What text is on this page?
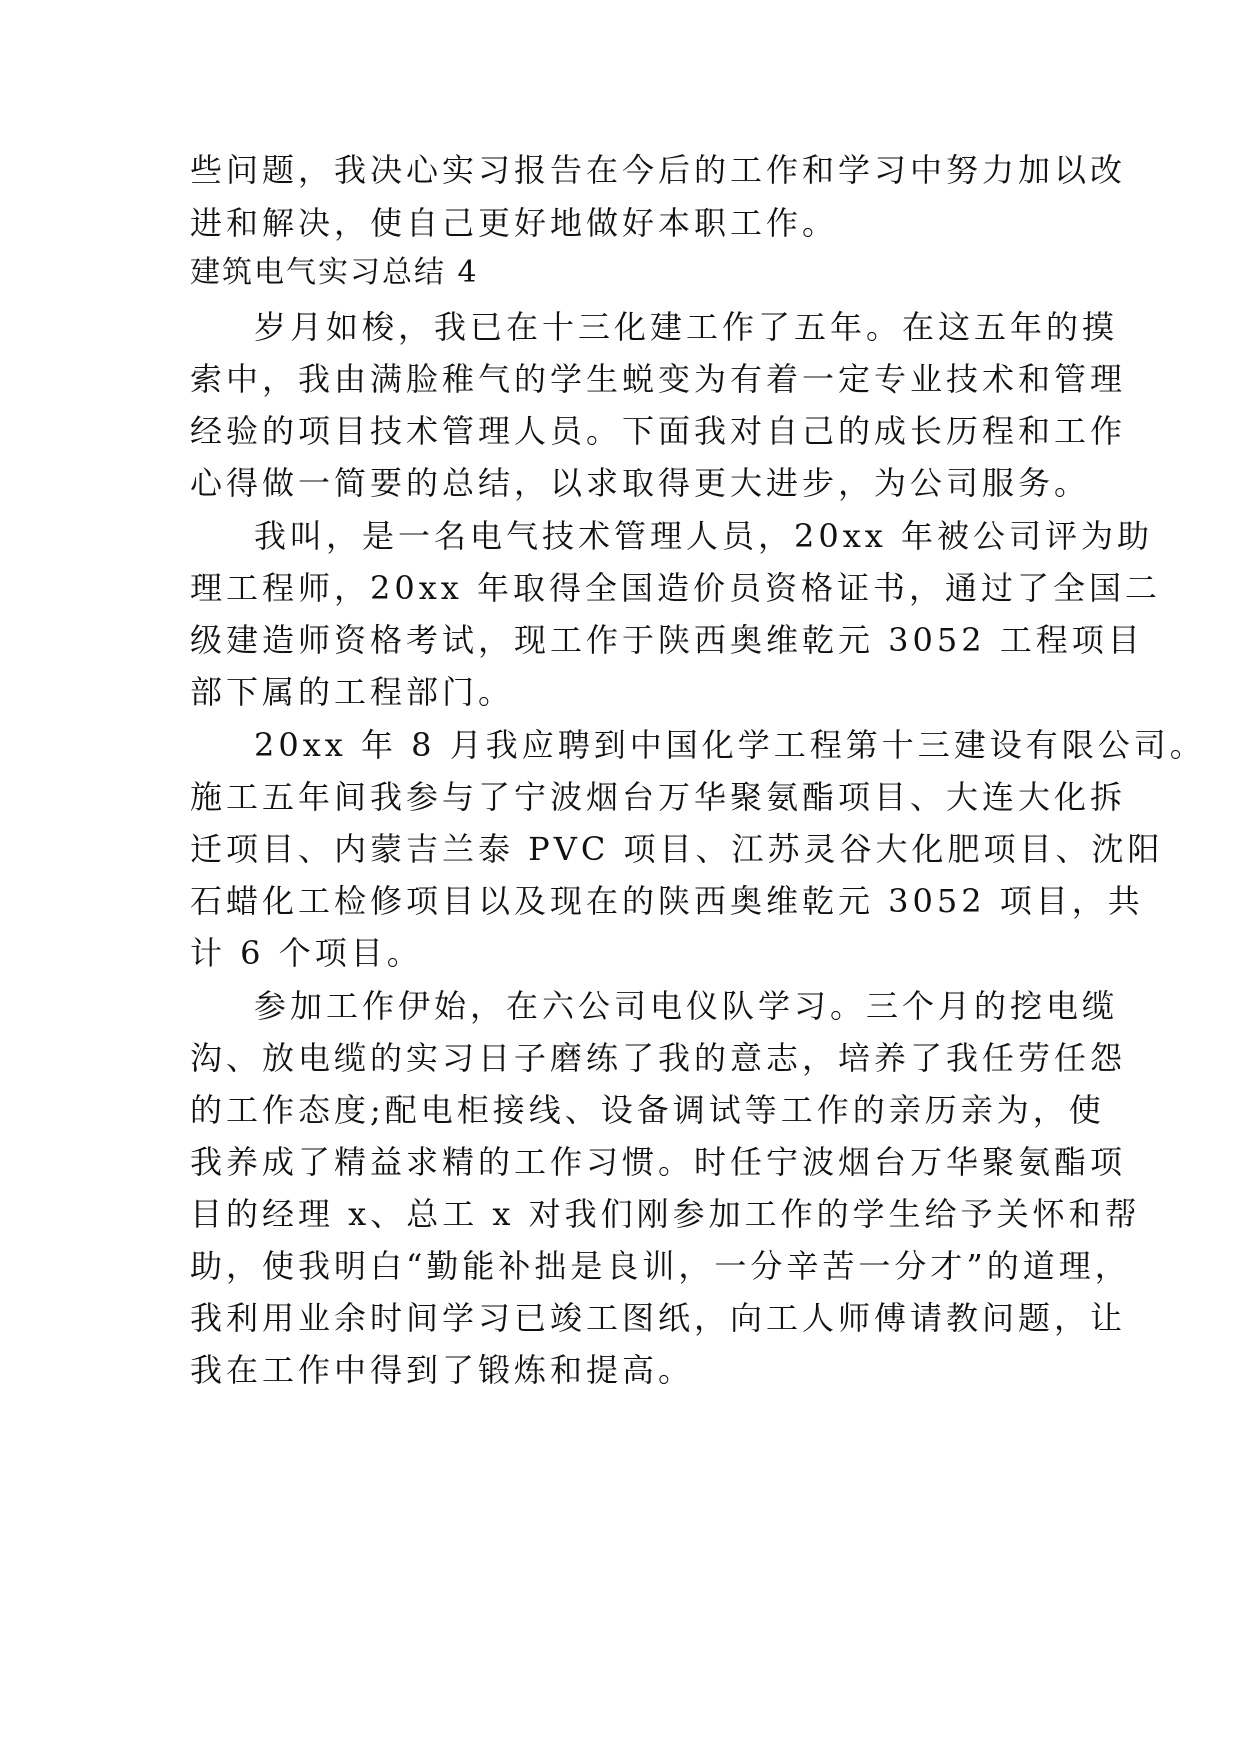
些问题，我决心实习报告在今后的工作和学习中努力加以改
进和解决，使自己更好地做好本职工作。
建筑电气实习总结 4
岁月如梭，我已在十三化建工作了五年。在这五年的摸
索中，我由满脸稚气的学生蜕变为有着一定专业技术和管理
经验的项目技术管理人员。下面我对自己的成长历程和工作
心得做一简要的总结，以求取得更大进步，为公司服务。
我叫，是一名电气技术管理人员，20xx 年被公司评为助
理工程师，20xx 年取得全国造价员资格证书，通过了全国二
级建造师资格考试，现工作于陕西奥维乾元 3052 工程项目
部下属的工程部门。
20xx 年 8 月我应聘到中国化学工程第十三建设有限公司。
施工五年间我参与了宁波烟台万华聚氨酯项目、大连大化拆
迁项目、内蒙吉兰泰 PVC 项目、江苏灵谷大化肥项目、沈阳
石蜡化工检修项目以及现在的陕西奥维乾元 3052 项目，共
计 6 个项目。
参加工作伊始，在六公司电仪队学习。三个月的挖电缆
沟、放电缆的实习日子磨练了我的意志，培养了我任劳任怨
的工作态度;配电柜接线、设备调试等工作的亲历亲为，使
我养成了精益求精的工作习惯。时任宁波烟台万华聚氨酯项
目的经理 x、总工 x 对我们刚参加工作的学生给予关怀和帮
助，使我明白“勤能补拙是良训，一分辛苦一分才”的道理，
我利用业余时间学习已竣工图纸，向工人师傅请教问题，让
我在工作中得到了锻炼和提高。
